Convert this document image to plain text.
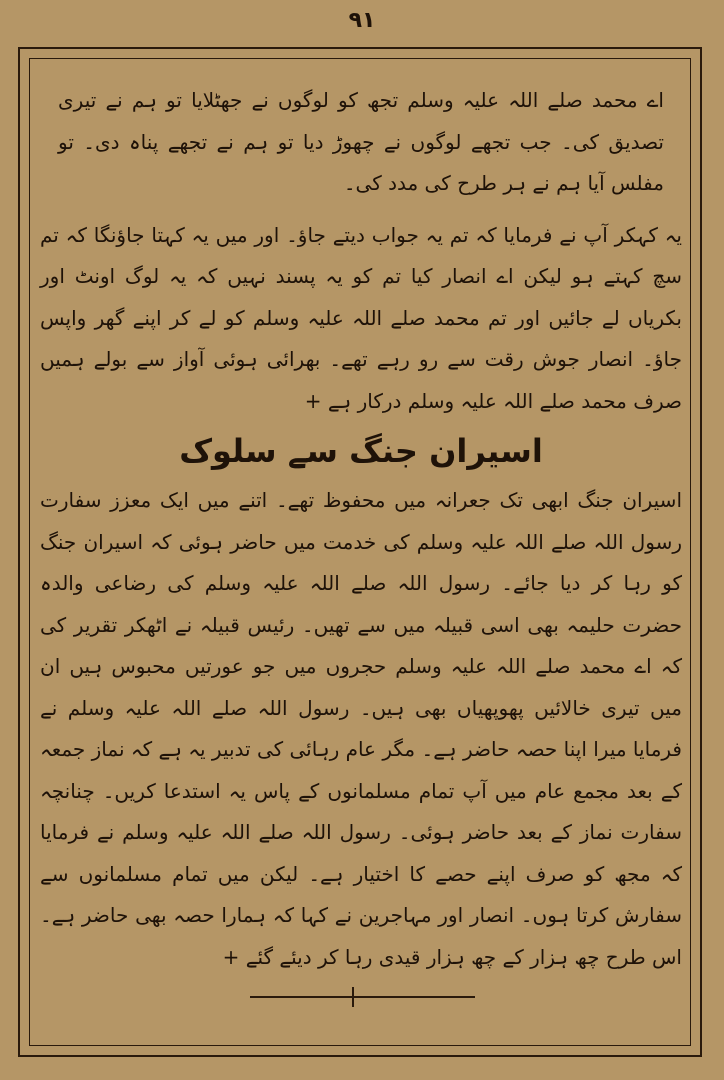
۹۱

اے محمد صلے اللہ علیہ وسلم تجھ کو لوگوں نے جھٹلایا تو ہم نے تیری تصدیق کی۔ جب تجھے لوگوں نے چھوڑ دیا تو ہم نے تجھے پناہ دی۔ تو مفلس آیا ہم نے ہر طرح کی مدد کی۔

یہ کہکر آپ نے فرمایا کہ تم یہ جواب دیتے جاؤ۔ اور میں یہ کہتا جاؤنگا کہ تم سچ کہتے ہو لیکن اے انصار کیا تم کو یہ پسند نہیں کہ یہ لوگ اونٹ اور بکریاں لے جائیں اور تم محمد صلے اللہ علیہ وسلم کو لے کر اپنے گھر واپس جاؤ۔ انصار جوش رقت سے رو رہے تھے۔ بھرائی ہوئی آواز سے بولے ہمیں صرف محمد صلے اللہ علیہ وسلم درکار ہے +

اسیران جنگ سے سلوک

اسیران جنگ ابھی تک جعرانہ میں محفوظ تھے۔ اتنے میں ایک معزز سفارت رسول اللہ صلے اللہ علیہ وسلم کی خدمت میں حاضر ہوئی کہ اسیران جنگ کو رہا کر دیا جائے۔ رسول اللہ صلے اللہ علیہ وسلم کی رضاعی والدہ حضرت حلیمہ بھی اسی قبیلہ میں سے تھیں۔ رئیس قبیلہ نے اٹھکر تقریر کی کہ اے محمد صلے اللہ علیہ وسلم حجروں میں جو عورتیں محبوس ہیں ان میں تیری خالائیں پھوپھیاں بھی ہیں۔ رسول اللہ صلے اللہ علیہ وسلم نے فرمایا میرا اپنا حصہ حاضر ہے۔ مگر عام رہائی کی تدبیر یہ ہے کہ نماز جمعہ کے بعد مجمع عام میں آپ تمام مسلمانوں کے پاس یہ استدعا کریں۔ چنانچہ سفارت نماز کے بعد حاضر ہوئی۔ رسول اللہ صلے اللہ علیہ وسلم نے فرمایا کہ مجھ کو صرف اپنے حصے کا اختیار ہے۔ لیکن میں تمام مسلمانوں سے سفارش کرتا ہوں۔ انصار اور مہاجرین نے کہا کہ ہمارا حصہ بھی حاضر ہے۔ اس طرح چھ ہزار کے چھ ہزار قیدی رہا کر دیئے گئے +
